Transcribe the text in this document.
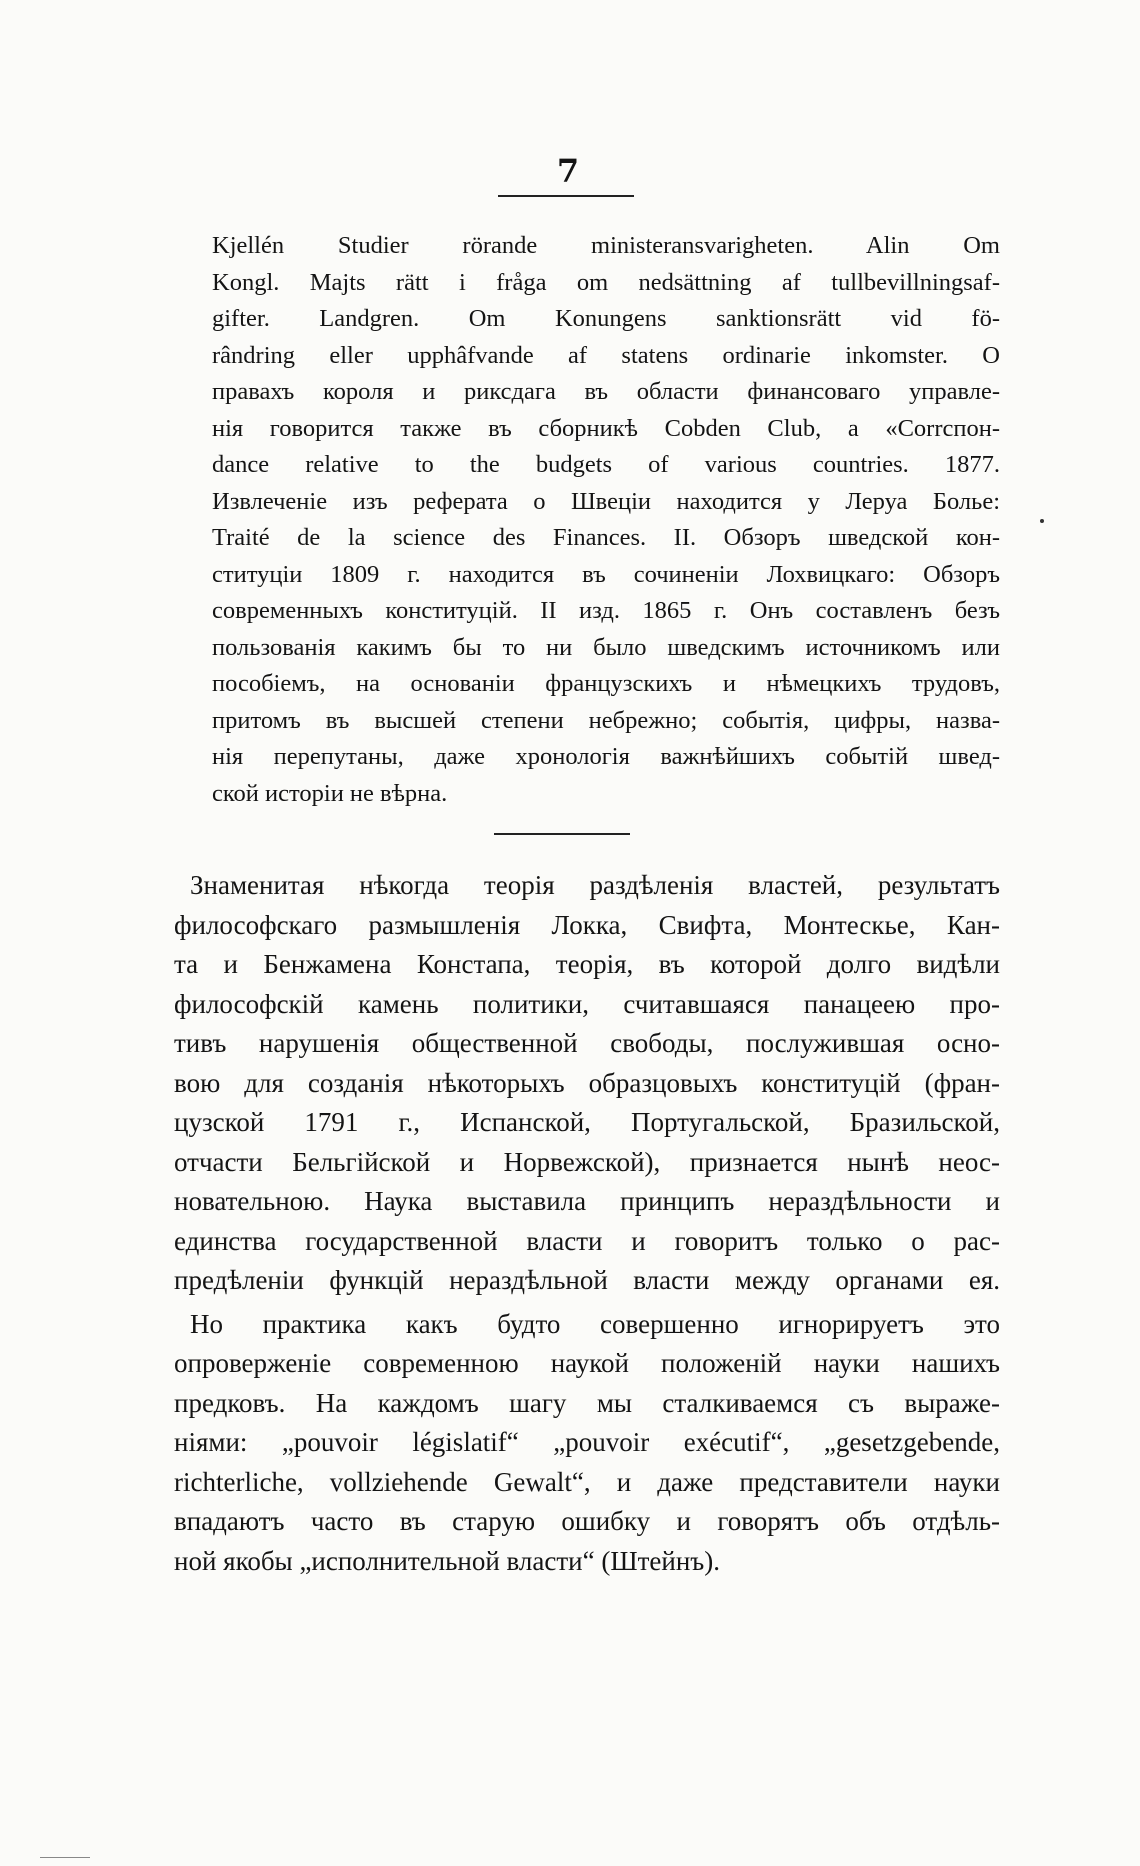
7
Kjellén Studier rörande ministeransvarigheten. Alin Om
Kongl. Majts rätt i fråga om nedsättning af tullbevillningsaf-
gifter. Landgren. Om Konungens sanktionsrätt vid fö-
rândring eller upphâfvande af statens ordinarie inkomster. O
правахъ короля и риксдага въ области финансоваго управле-
нія говорится также въ сборникѣ Cobden Club, a «Corrспон-
dance relative to the budgets of various countries. 1877.
Извлеченіе изъ реферата о Швеціи находится у Леруа Болье:
Traité de la science des Finances. II. Обзоръ шведской кон-
ституціи 1809 г. находится въ сочиненіи Лохвицкаго: Обзоръ
современныхъ конституцій. II изд. 1865 г. Онъ составленъ безъ
пользованія какимъ бы то ни было шведскимъ источникомъ или
пособіемъ, на основаніи французскихъ и нѣмецкихъ трудовъ,
притомъ въ высшей степени небрежно; событія, цифры, назва-
нія перепутаны, даже хронологія важнѣйшихъ событій швед-
ской исторіи не вѣрна.
Знаменитая нѣкогда теорія раздѣленія властей, результатъ
философскаго размышленія Локка, Свифта, Монтескье, Кан-
та и Бенжамена Констапа, теорія, въ которой долго видѣли
философскій камень политики, считавшаяся панацеею про-
тивъ нарушенія общественной свободы, послужившая осно-
вою для созданія нѣкоторыхъ образцовыхъ конституцій (фран-
цузской 1791 г., Испанской, Португальской, Бразильской,
отчасти Бельгійской и Норвежской), признается нынѣ неос-
новательною. Наука выставила принципъ нераздѣльности и
единства государственной власти и говоритъ только о рас-
предѣленіи функцій нераздѣльной власти между органами ея.
Но практика какъ будто совершенно игнорируетъ это
опроверженіе современною наукой положеній науки нашихъ
предковъ. На каждомъ шагу мы сталкиваемся съ выраже-
ніями: „pouvoir législatif“ „pouvoir exécutif“, „gesetzgebende,
richterliche, vollziehende Gewalt“, и даже представители науки
впадаютъ часто въ старую ошибку и говорятъ объ отдѣль-
ной якобы „исполнительной власти“ (Штейнъ).
